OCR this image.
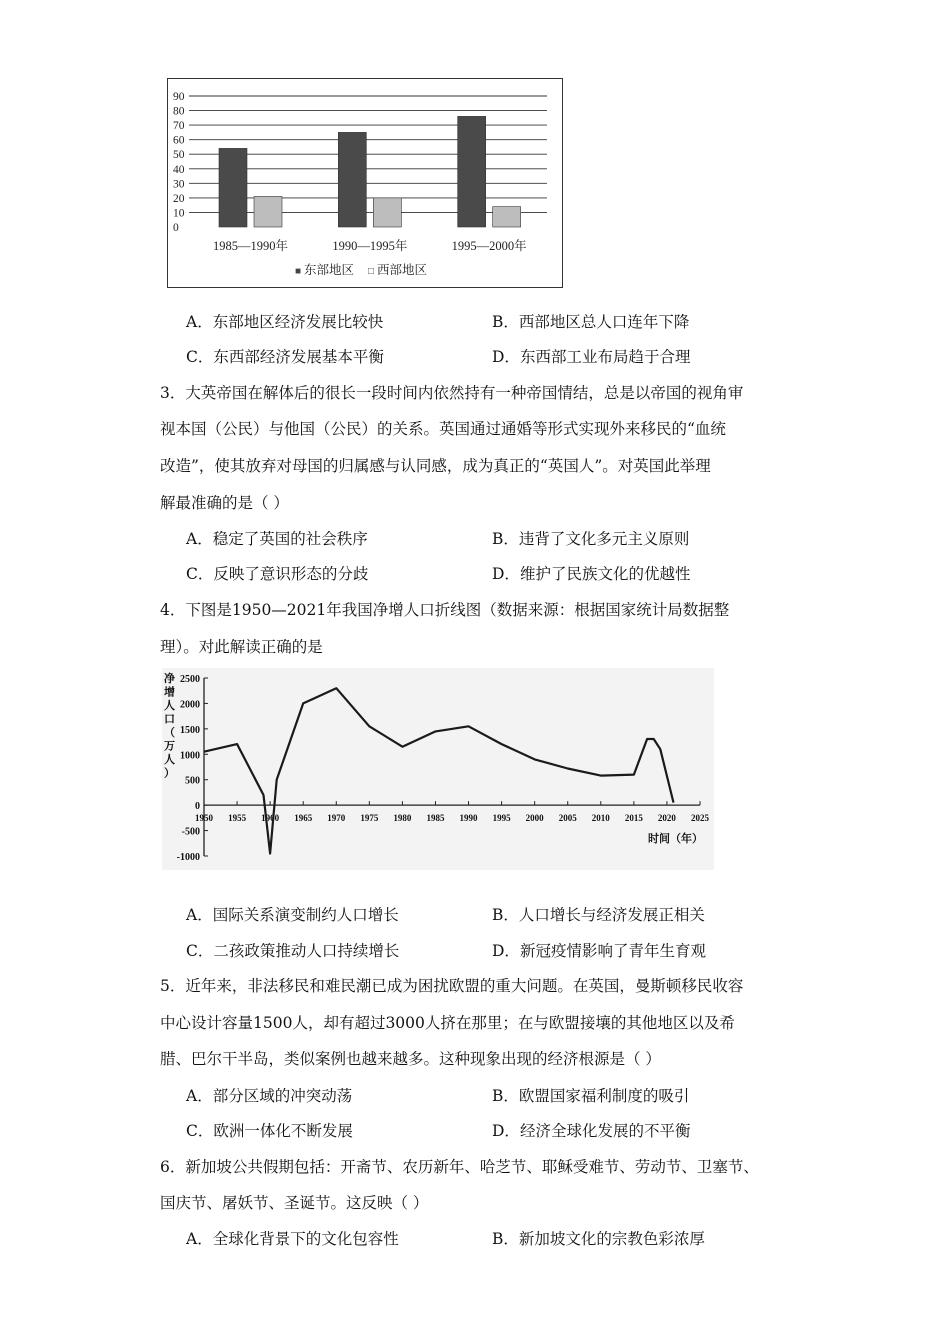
0
10
20
30
40
50
60
70
80
90
1985—1990年	1990—1995年	1995—2000年
■ 东部地区 □ 西部地区
A．东部地区经济发展比较快	B．西部地区总人口连年下降
C．东西部经济发展基本平衡	D．东西部工业布局趋于合理
3．大英帝国在解体后的很长一段时间内依然持有一种帝国情结，总是以帝国的视角审
视本国（公民）与他国（公民）的关系。英国通过通婚等形式实现外来移民的“血统
改造”，使其放弃对母国的归属感与认同感，成为真正的“英国人”。对英国此举理
解最准确的是（ ）
A．稳定了英国的社会秩序	B．违背了文化多元主义原则
C．反映了意识形态的分歧	D．维护了民族文化的优越性
4．下图是1950—2021年我国净增人口折线图（数据来源：根据国家统计局数据整
理）。对此解读正确的是
净
增
人
口
（
万
人
）
-1000
-500
0
500
1000
1500
2000
2500
1950 1955 1960 1965 1970 1975 1980 1985 1990 1995 2000 2005 2010 2015 2020 2025
时间（年）
A．国际关系演变制约人口增长	B．人口增长与经济发展正相关
C．二孩政策推动人口持续增长	D．新冠疫情影响了青年生育观
5．近年来，非法移民和难民潮已成为困扰欧盟的重大问题。在英国，曼斯顿移民收容
中心设计容量1500人，却有超过3000人挤在那里；在与欧盟接壤的其他地区以及希
腊、巴尔干半岛，类似案例也越来越多。这种现象出现的经济根源是（ ）
A．部分区域的冲突动荡	B．欧盟国家福利制度的吸引
C．欧洲一体化不断发展	D．经济全球化发展的不平衡
6．新加坡公共假期包括：开斋节、农历新年、哈芝节、耶稣受难节、劳动节、卫塞节、
国庆节、屠妖节、圣诞节。这反映（ ）
A．全球化背景下的文化包容性	B．新加坡文化的宗教色彩浓厚
